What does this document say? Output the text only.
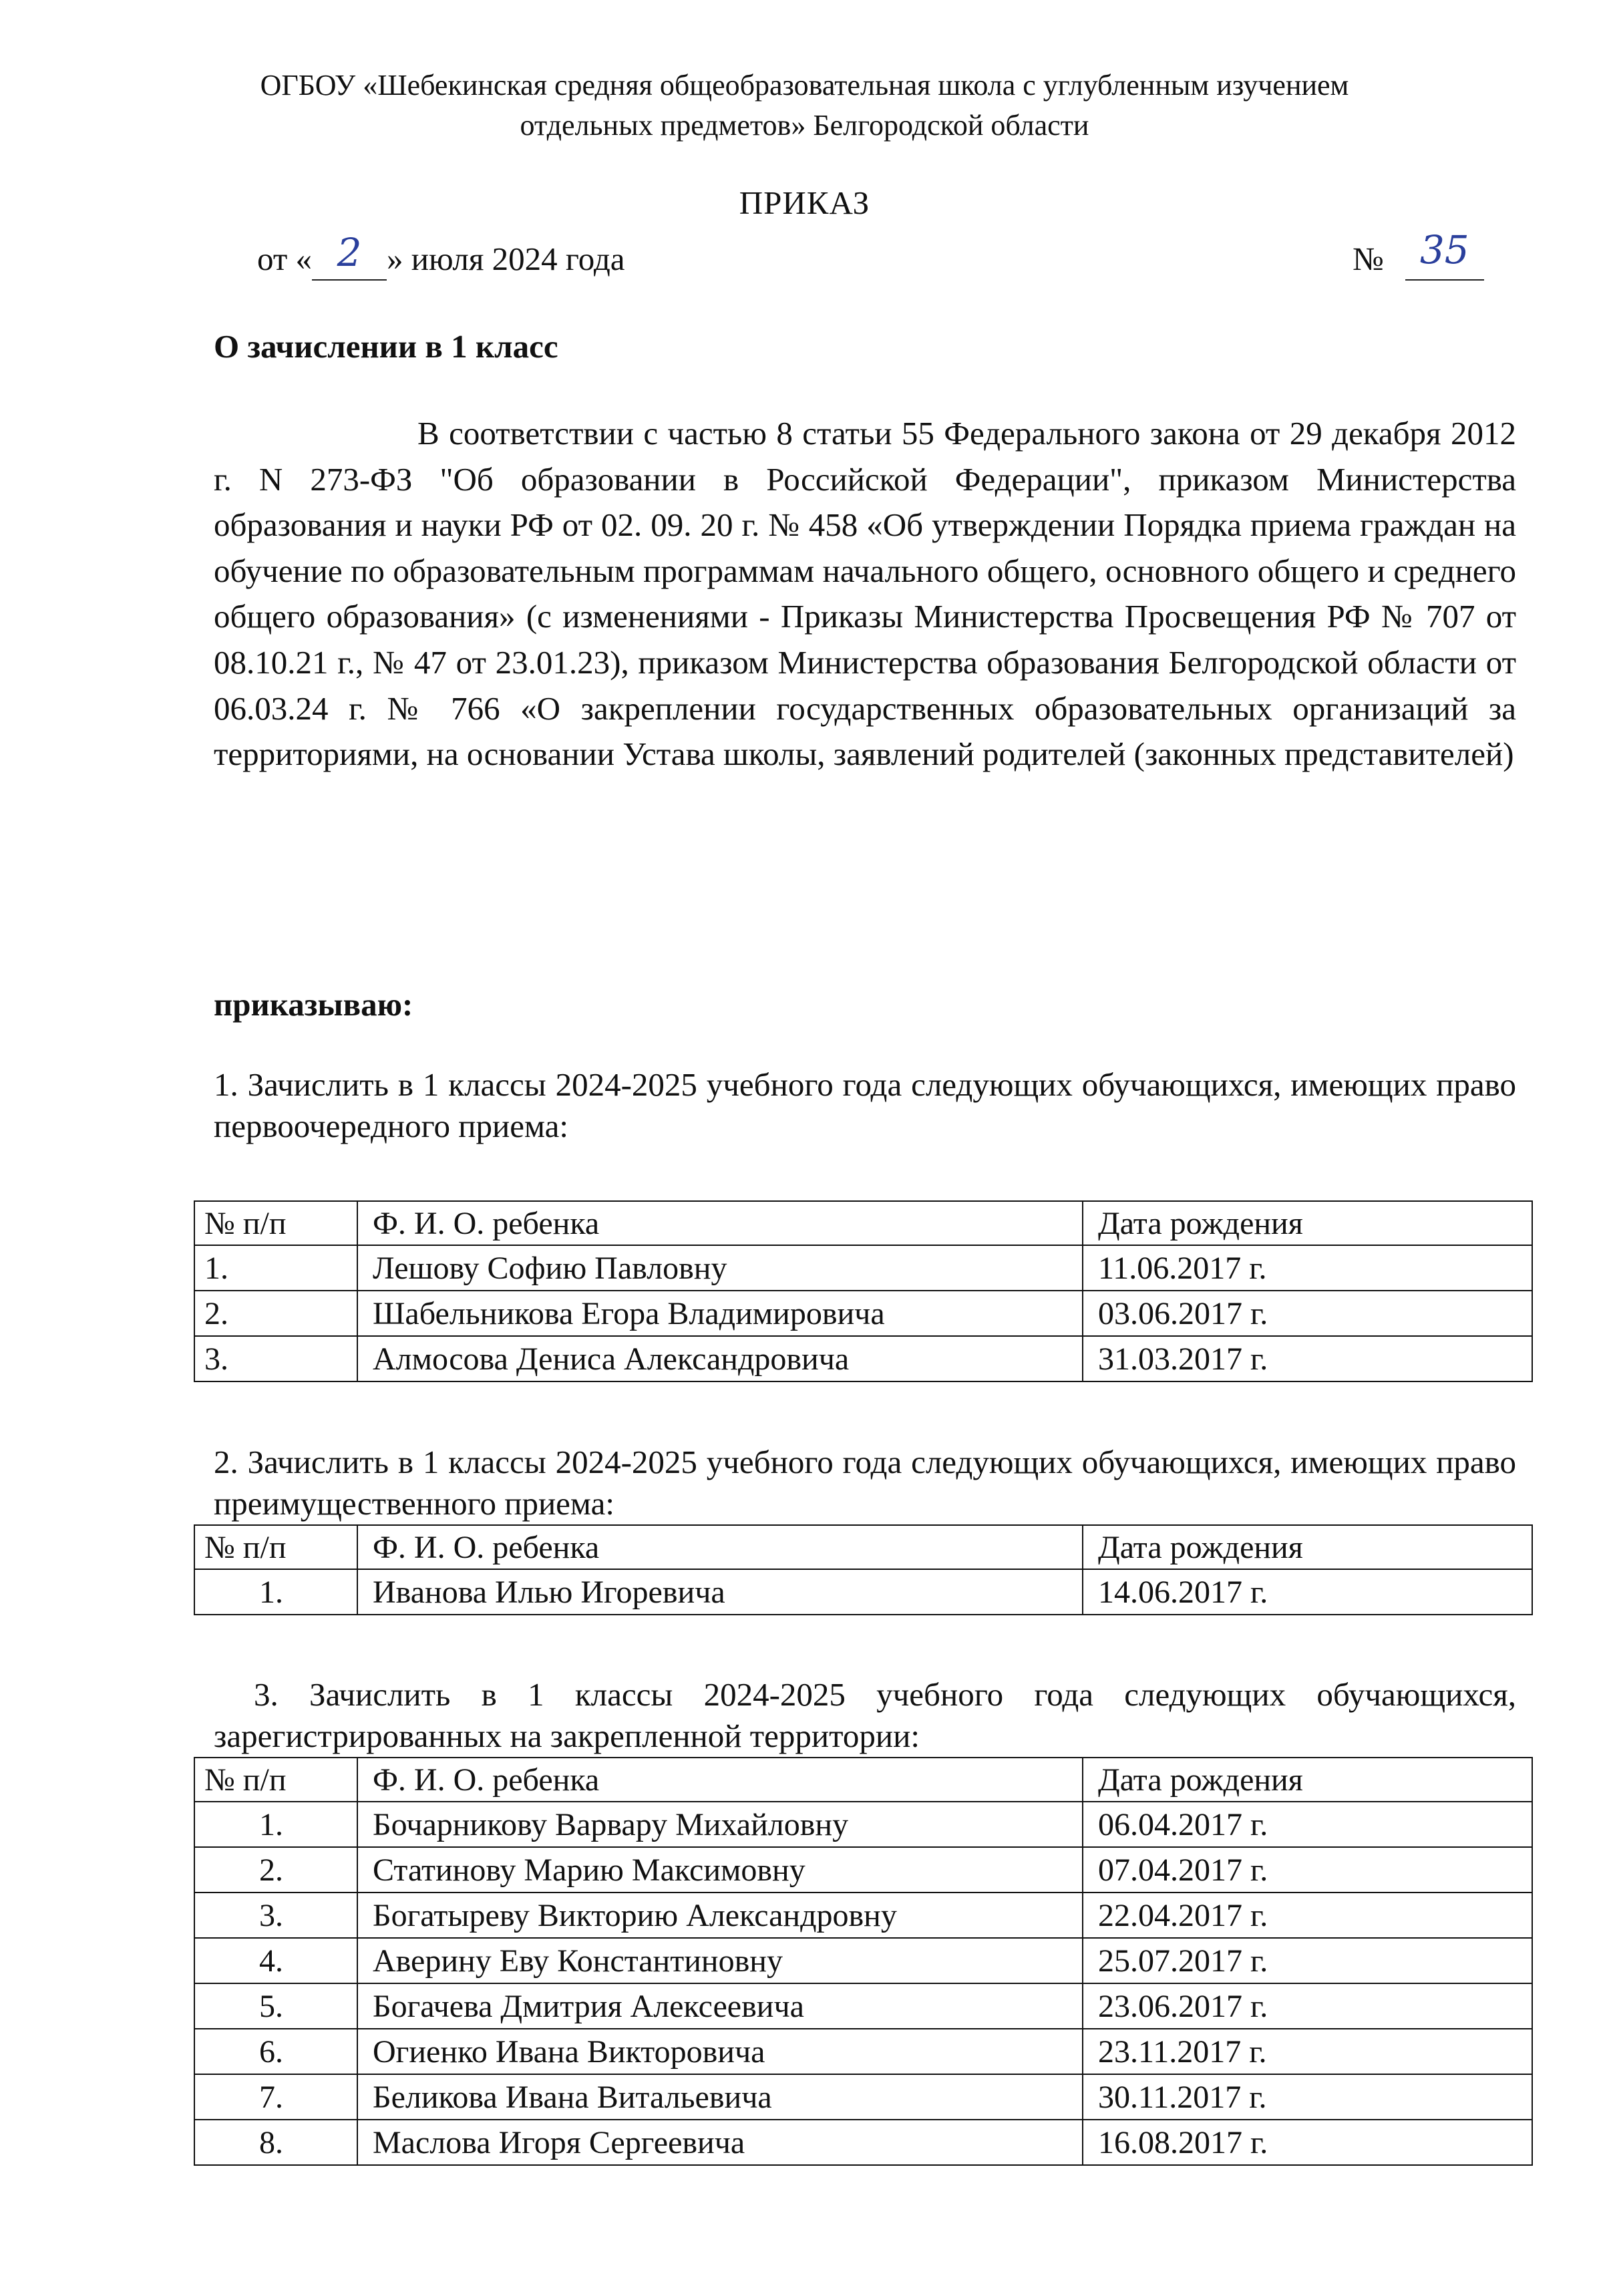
ОГБОУ «Шебекинская средняя общеобразовательная школа с углубленным изучением
отдельных предметов» Белгородской области
ПРИКАЗ
от « 2 » июля 2024 года	№ 35
О зачислении в 1 класс
В соответствии с частью 8 статьи 55 Федерального закона от 29 декабря 2012 г. N 273-ФЗ "Об образовании в Российской Федерации", приказом Министерства образования и науки РФ от 02. 09. 20 г. № 458 «Об утверждении Порядка приема граждан на обучение по образовательным программам начального общего, основного общего и среднего общего образования» (с изменениями - Приказы Министерства Просвещения РФ № 707 от 08.10.21 г., № 47 от 23.01.23), приказом Министерства образования Белгородской области от 06.03.24 г. № 766 «О закреплении государственных образовательных организаций за территориями, на основании Устава школы, заявлений родителей (законных представителей)
приказываю:
1. Зачислить в 1 классы 2024-2025 учебного года следующих обучающихся, имеющих право первоочередного приема:
№ п/п	Ф. И. О. ребенка	Дата рождения
1.	Лешову Софию Павловну	11.06.2017 г.
2.	Шабельникова Егора Владимировича	03.06.2017 г.
3.	Алмосова Дениса Александровича	31.03.2017 г.
2. Зачислить в 1 классы 2024-2025 учебного года следующих обучающихся, имеющих право преимущественного приема:
№ п/п	Ф. И. О. ребенка	Дата рождения
1.	Иванова Илью Игоревича	14.06.2017 г.
3. Зачислить в 1 классы 2024-2025 учебного года следующих обучающихся, зарегистрированных на закрепленной территории:
№ п/п	Ф. И. О. ребенка	Дата рождения
1.	Бочарникову Варвару Михайловну	06.04.2017 г.
2.	Статинову Марию Максимовну	07.04.2017 г.
3.	Богатыреву Викторию Александровну	22.04.2017 г.
4.	Аверину Еву Константиновну	25.07.2017 г.
5.	Богачева Дмитрия Алексеевича	23.06.2017 г.
6.	Огиенко Ивана Викторовича	23.11.2017 г.
7.	Беликова Ивана Витальевича	30.11.2017 г.
8.	Маслова Игоря Сергеевича	16.08.2017 г.
